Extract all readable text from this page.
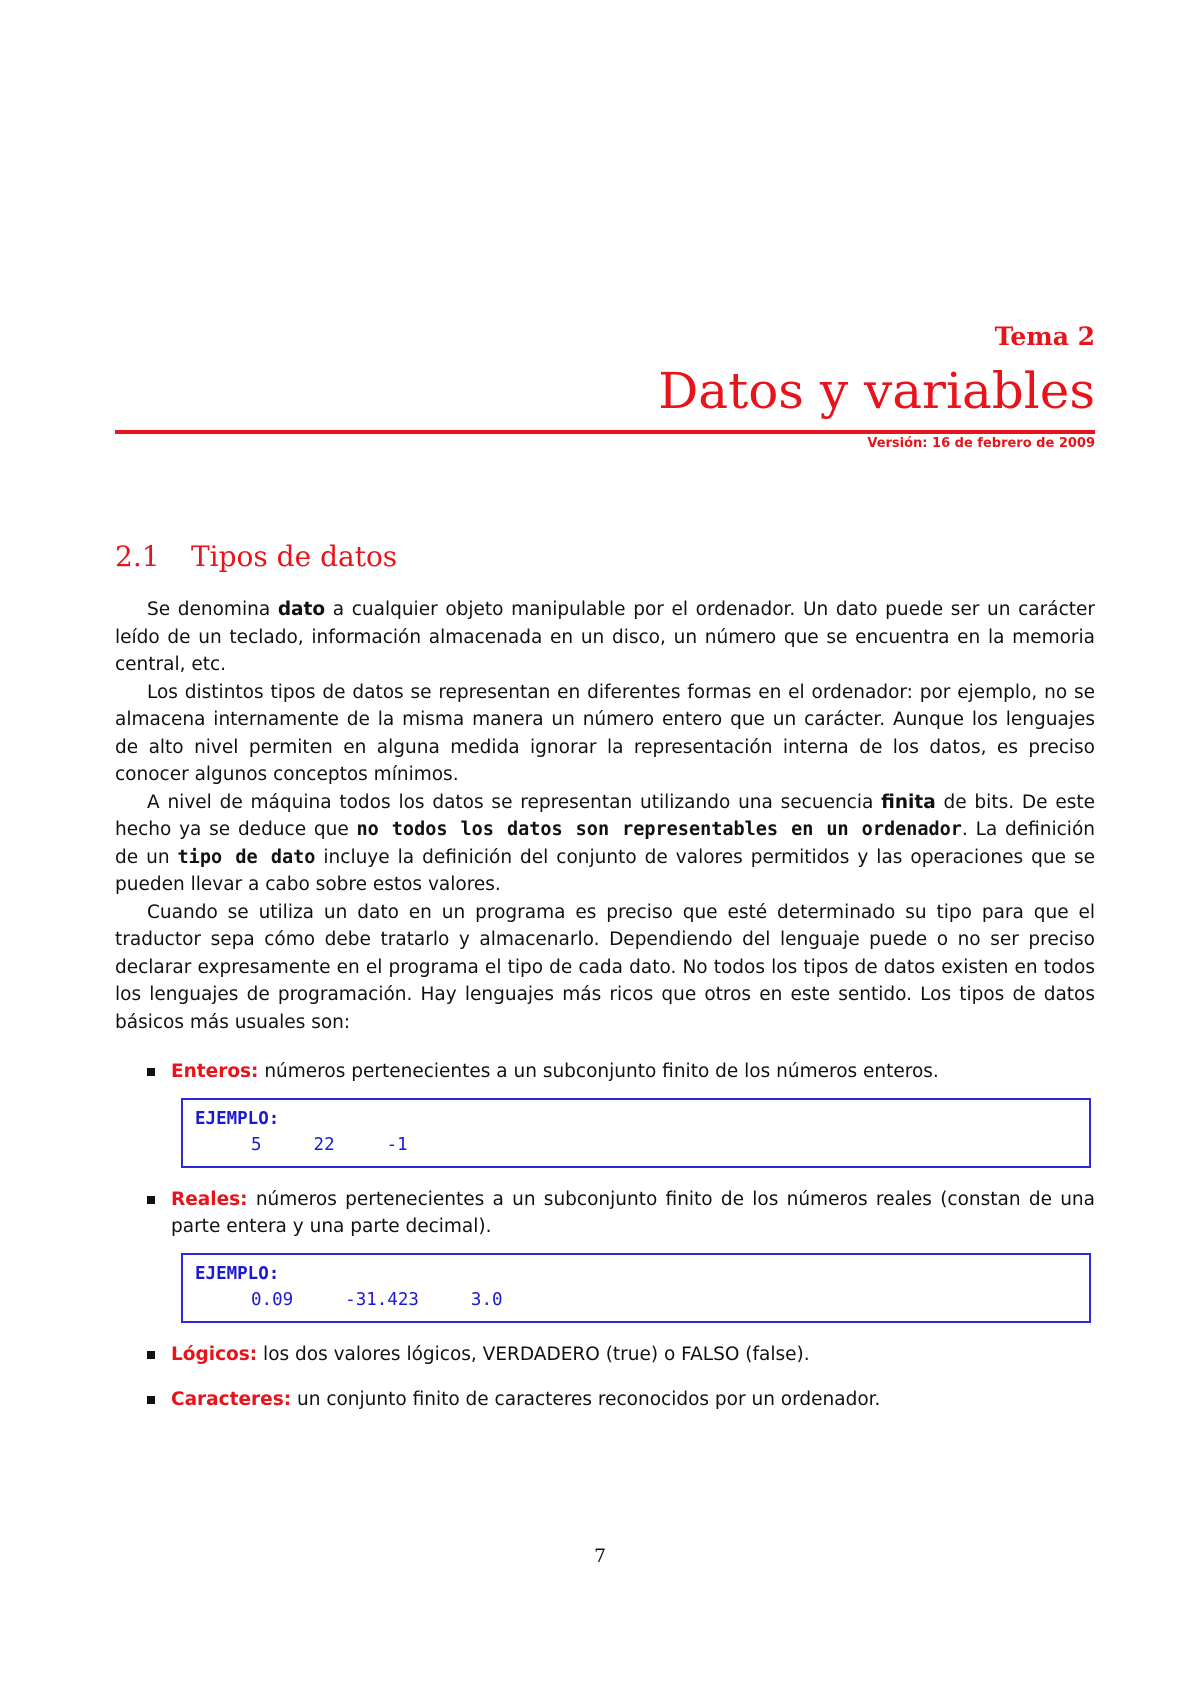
Tema 2
Datos y variables
Versión: 16 de febrero de 2009
2.1 Tipos de datos

Se denomina dato a cualquier objeto manipulable por el ordenador. Un dato puede ser un carácter leído de un teclado, información almacenada en un disco, un número que se encuentra en la memoria central, etc.

Los distintos tipos de datos se representan en diferentes formas en el ordenador: por ejemplo, no se almacena internamente de la misma manera un número entero que un carácter. Aunque los lenguajes de alto nivel permiten en alguna medida ignorar la representación interna de los datos, es preciso conocer algunos conceptos mínimos.

A nivel de máquina todos los datos se representan utilizando una secuencia finita de bits. De este hecho ya se deduce que no todos los datos son representables en un ordenador. La definición de un tipo de dato incluye la definición del conjunto de valores permitidos y las operaciones que se pueden llevar a cabo sobre estos valores.

Cuando se utiliza un dato en un programa es preciso que esté determinado su tipo para que el traductor sepa cómo debe tratarlo y almacenarlo. Dependiendo del lenguaje puede o no ser preciso declarar expresamente en el programa el tipo de cada dato. No todos los tipos de datos existen en todos los lenguajes de programación. Hay lenguajes más ricos que otros en este sentido. Los tipos de datos básicos más usuales son:

Enteros: números pertenecientes a un subconjunto finito de los números enteros.
EJEMPLO:
5	22	-1
Reales: números pertenecientes a un subconjunto finito de los números reales (constan de una parte entera y una parte decimal).
EJEMPLO:
0.09	-31.423	3.0
Lógicos: los dos valores lógicos, VERDADERO (true) o FALSO (false).
Caracteres: un conjunto finito de caracteres reconocidos por un ordenador.
7
